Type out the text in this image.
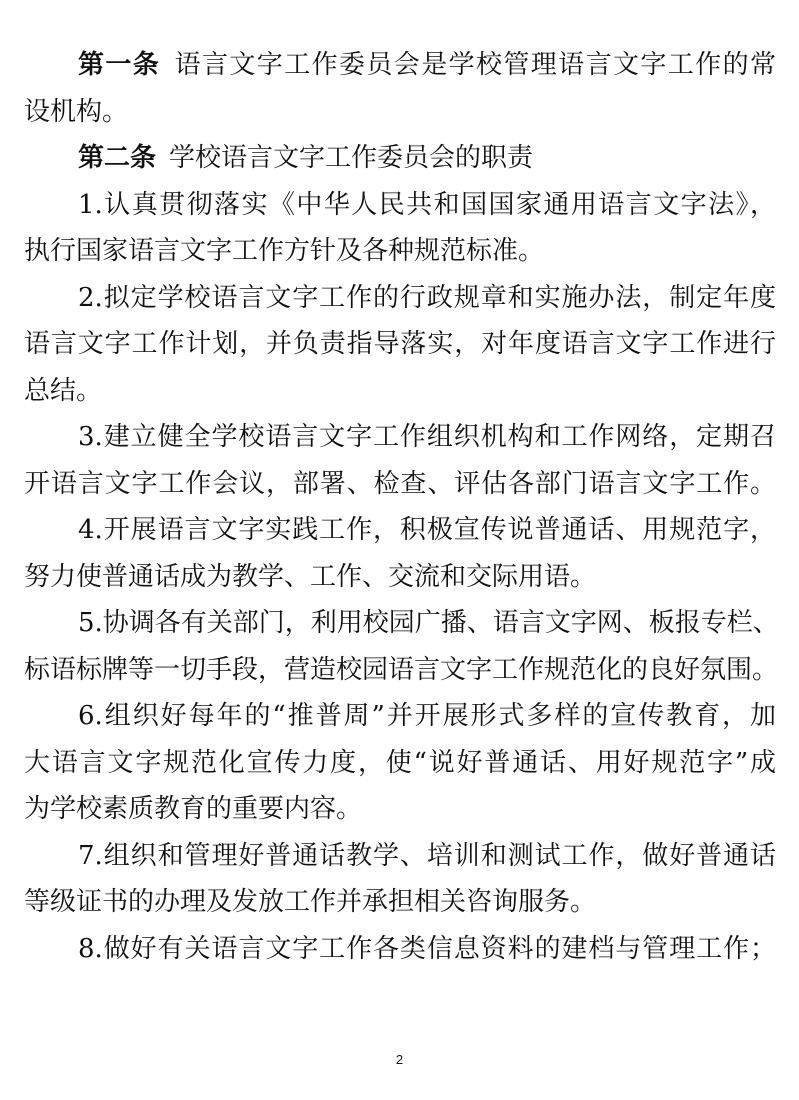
第一条  语言文字工作委员会是学校管理语言文字工作的常
设机构。
第二条  学校语言文字工作委员会的职责
1.认真贯彻落实《中华人民共和国国家通用语言文字法》，
执行国家语言文字工作方针及各种规范标准。
2.拟定学校语言文字工作的行政规章和实施办法，制定年度
语言文字工作计划，并负责指导落实，对年度语言文字工作进行
总结。
3.建立健全学校语言文字工作组织机构和工作网络，定期召
开语言文字工作会议，部署、检查、评估各部门语言文字工作。
4.开展语言文字实践工作，积极宣传说普通话、用规范字，
努力使普通话成为教学、工作、交流和交际用语。
5.协调各有关部门，利用校园广播、语言文字网、板报专栏、
标语标牌等一切手段，营造校园语言文字工作规范化的良好氛围。
6.组织好每年的“推普周”并开展形式多样的宣传教育，加
大语言文字规范化宣传力度，使“说好普通话、用好规范字”成
为学校素质教育的重要内容。
7.组织和管理好普通话教学、培训和测试工作，做好普通话
等级证书的办理及发放工作并承担相关咨询服务。
8.做好有关语言文字工作各类信息资料的建档与管理工作；
2
